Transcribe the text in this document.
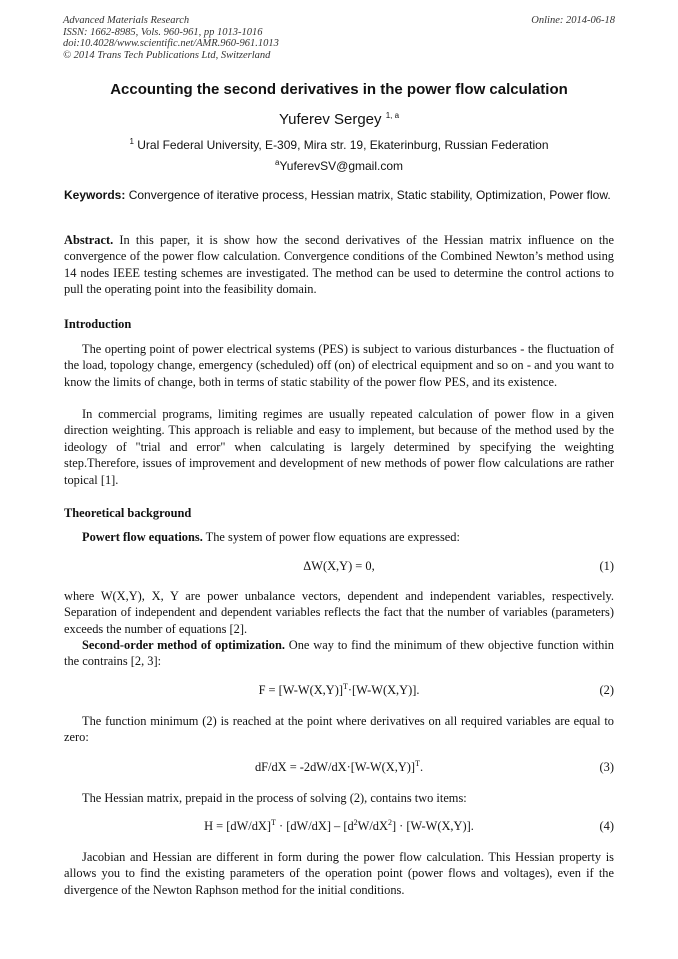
Advanced Materials Research
ISSN: 1662-8985, Vols. 960-961, pp 1013-1016
doi:10.4028/www.scientific.net/AMR.960-961.1013
© 2014 Trans Tech Publications Ltd, Switzerland
Online: 2014-06-18
Accounting the second derivatives in the power flow calculation
Yuferev Sergey $^{1, a}$
$^1$ Ural Federal University, E-309, Mira str. 19, Ekaterinburg, Russian Federation
$^a$YuferevSV@gmail.com
Keywords: Convergence of iterative process, Hessian matrix, Static stability, Optimization, Power flow.
Abstract. In this paper, it is show how the second derivatives of the Hessian matrix influence on the convergence of the power flow calculation. Convergence conditions of the Combined Newton’s method using 14 nodes IEEE testing schemes are investigated. The method can be used to determine the control actions to pull the operating point into the feasibility domain.
Introduction
The operting point of power electrical systems (PES) is subject to various disturbances - the fluctuation of the load, topology change, emergency (scheduled) off (on) of electrical equipment and so on - and you want to know the limits of change, both in terms of static stability of the power flow PES, and its existence.
In commercial programs, limiting regimes are usually repeated calculation of power flow in a given direction weighting. This approach is reliable and easy to implement, but because of the method used by the ideology of "trial and error" when calculating is largely determined by specifying the weighting step.Therefore, issues of improvement and development of new methods of power flow calculations are rather topical [1].
Theoretical background
Powert flow equations. The system of power flow equations are expressed:
ΔW(X,Y) = 0,	(1)
where W(X,Y), X, Y are power unbalance vectors, dependent and independent variables, respectively. Separation of independent and dependent variables reflects the fact that the number of variables (parameters) exceeds the number of equations [2].
Second-order method of optimization. One way to find the minimum of thew objective function within the contrains [2, 3]:
$F = [W-W(X,Y)]^T\cdot[W-W(X,Y)]$.	(2)
The function minimum (2) is reached at the point where derivatives on all required variables are equal to zero:
$dF/dX = -2dW/dX\cdot[W-W(X,Y)]^T$.	(3)
The Hessian matrix, prepaid in the process of solving (2), contains two items:
$H = [dW/dX]^T \cdot [dW/dX] - [d^2W/dX^2] \cdot [W-W(X,Y)]$.	(4)
Jacobian and Hessian are different in form during the power flow calculation. This Hessian property is allows you to find the existing parameters of the operation point (power flows and voltages), even if the divergence of the Newton Raphson method for the initial conditions.
